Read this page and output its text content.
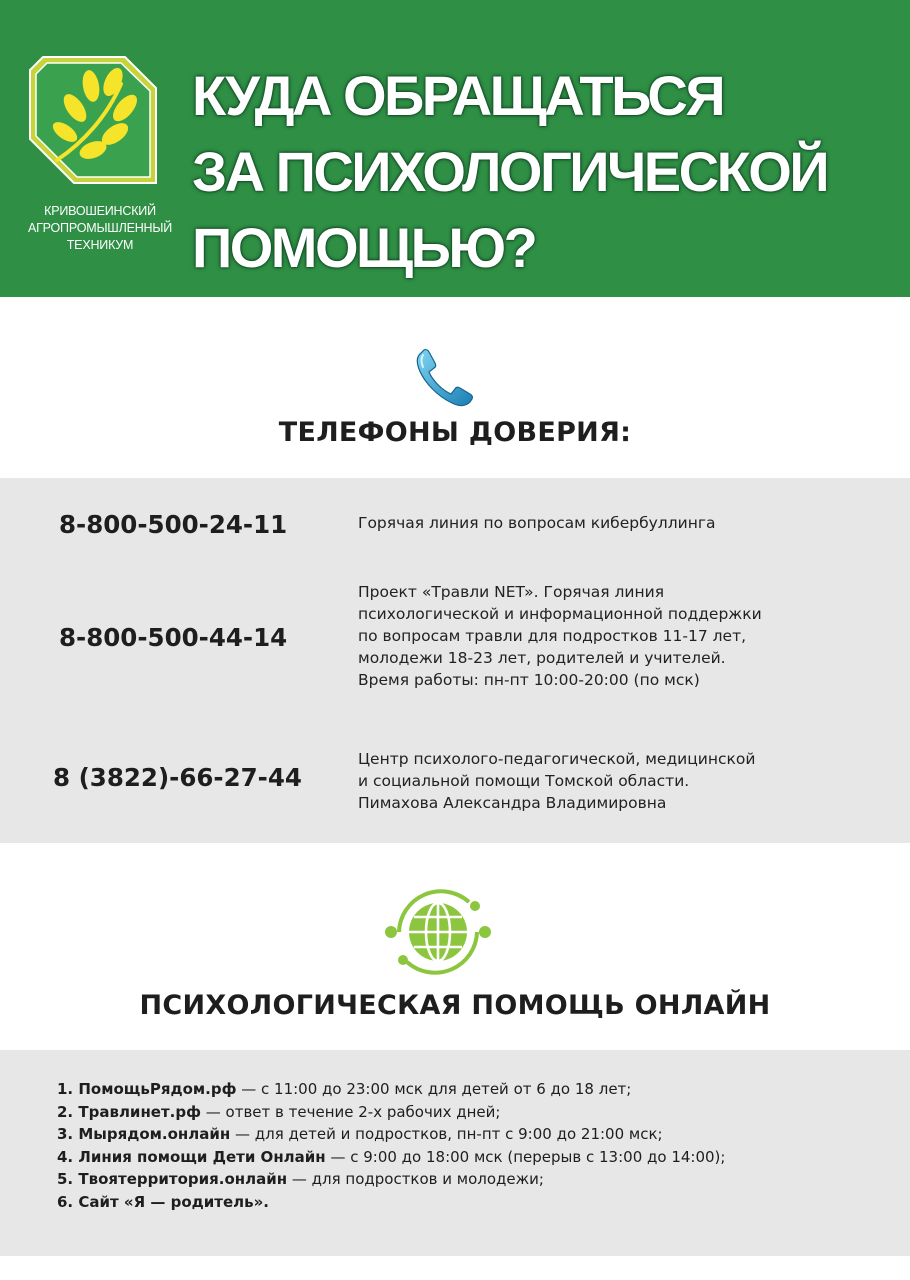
КРИВОШЕИНСКИЙ
АГРОПРОМЫШЛЕННЫЙ
ТЕХНИКУМ
КУДА ОБРАЩАТЬСЯ
ЗА ПСИХОЛОГИЧЕСКОЙ
ПОМОЩЬЮ?
ТЕЛЕФОНЫ ДОВЕРИЯ:
8-800-500-24-11	Горячая линия по вопросам кибербуллинга
8-800-500-44-14
Проект «Травли NET». Горячая линия
психологической и информационной поддержки
по вопросам травли для подростков 11-17 лет,
молодежи 18-23 лет, родителей и учителей.
Время работы: пн-пт 10:00-20:00 (по мск)
8 (3822)-66-27-44
Центр психолого-педагогической, медицинской
и социальной помощи Томской области.
Пимахова Александра Владимировна
ПСИХОЛОГИЧЕСКАЯ ПОМОЩЬ ОНЛАЙН
1. ПомощьРядом.рф — с 11:00 до 23:00 мск для детей от 6 до 18 лет;
2. Травлинет.рф — ответ в течение 2-х рабочих дней;
3. Мырядом.онлайн — для детей и подростков, пн-пт с 9:00 до 21:00 мск;
4. Линия помощи Дети Онлайн — с 9:00 до 18:00 мск (перерыв с 13:00 до 14:00);
5. Твоятерритория.онлайн — для подростков и молодежи;
6. Сайт «Я — родитель».
